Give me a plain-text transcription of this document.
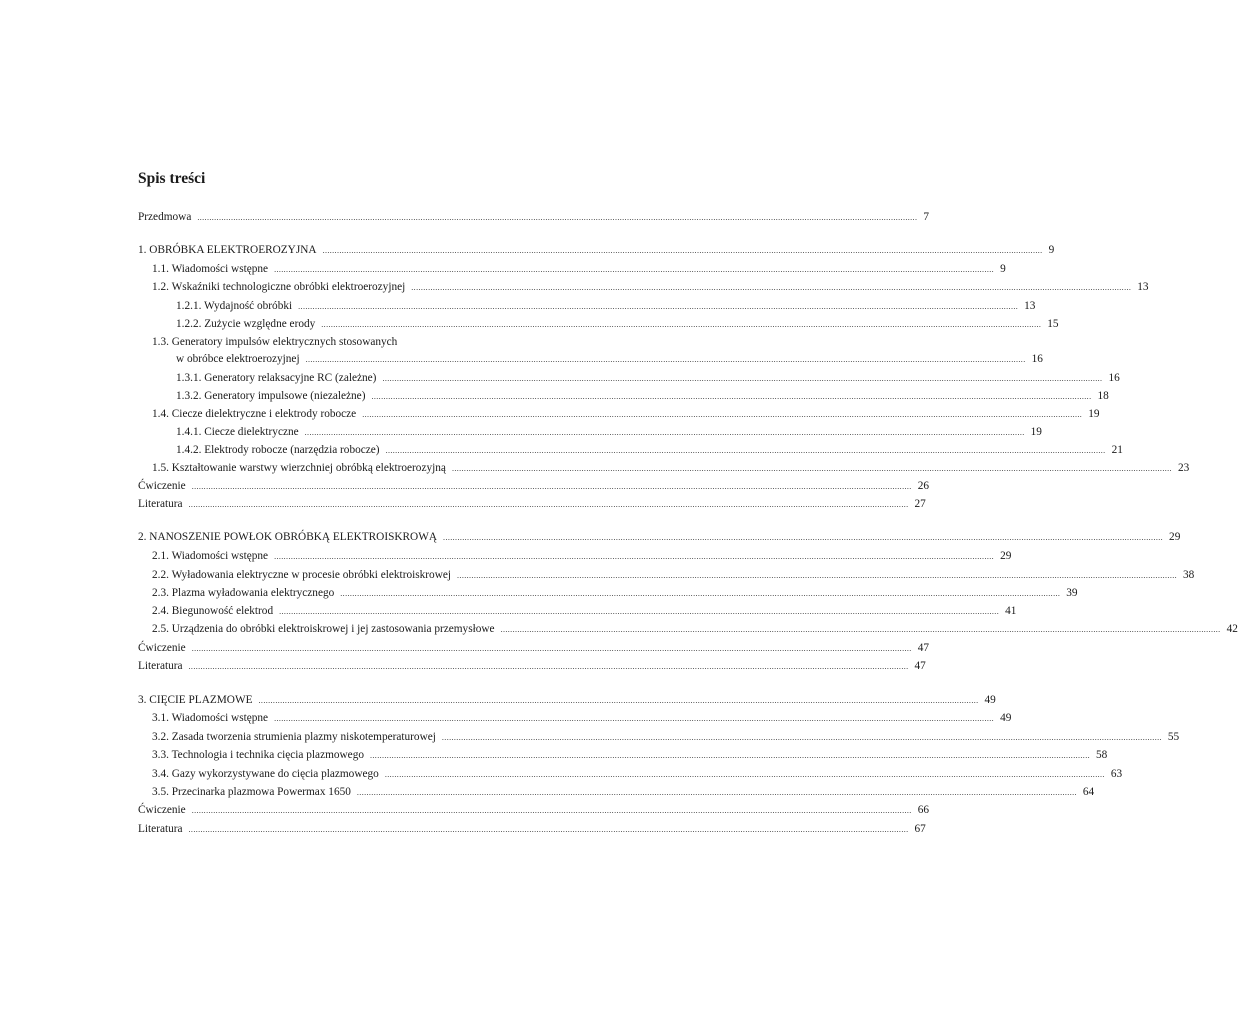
Spis treści
Przedmowa ............................................................................................................................................................................................................................................................................................................ 7
1. OBRÓBKA ELEKTROEROZYJNA ............................................................................................................................................................................................................................................................................................................ 9
1.1. Wiadomości wstępne ............................................................................................................................................................................................................................................................................................................ 9
1.2. Wskaźniki technologiczne obróbki elektroerozyjnej ............................................................................................................................................................................................................................................................................................................ 13
1.2.1. Wydajność obróbki ............................................................................................................................................................................................................................................................................................................ 13
1.2.2. Zużycie względne erody ............................................................................................................................................................................................................................................................................................................ 15
1.3. Generatory impulsów elektrycznych stosowanych
w obróbce elektroerozyjnej ............................................................................................................................................................................................................................................................................................................ 16
1.3.1. Generatory relaksacyjne RC (zależne) ............................................................................................................................................................................................................................................................................................................ 16
1.3.2. Generatory impulsowe (niezależne) ............................................................................................................................................................................................................................................................................................................ 18
1.4. Ciecze dielektryczne i elektrody robocze ............................................................................................................................................................................................................................................................................................................ 19
1.4.1. Ciecze dielektryczne ............................................................................................................................................................................................................................................................................................................ 19
1.4.2. Elektrody robocze (narzędzia robocze) ............................................................................................................................................................................................................................................................................................................ 21
1.5. Kształtowanie warstwy wierzchniej obróbką elektroerozyjną ............................................................................................................................................................................................................................................................................................................ 23
Ćwiczenie ............................................................................................................................................................................................................................................................................................................ 26
Literatura ............................................................................................................................................................................................................................................................................................................ 27
2. NANOSZENIE POWŁOK OBRÓBKĄ ELEKTROISKROWĄ ............................................................................................................................................................................................................................................................................................................ 29
2.1. Wiadomości wstępne ............................................................................................................................................................................................................................................................................................................ 29
2.2. Wyładowania elektryczne w procesie obróbki elektroiskrowej ............................................................................................................................................................................................................................................................................................................ 38
2.3. Plazma wyładowania elektrycznego ............................................................................................................................................................................................................................................................................................................ 39
2.4. Biegunowość elektrod ............................................................................................................................................................................................................................................................................................................ 41
2.5. Urządzenia do obróbki elektroiskrowej i jej zastosowania przemysłowe ............................................................................................................................................................................................................................................................................................................ 42
Ćwiczenie ............................................................................................................................................................................................................................................................................................................ 47
Literatura ............................................................................................................................................................................................................................................................................................................ 47
3. CIĘCIE PLAZMOWE ............................................................................................................................................................................................................................................................................................................ 49
3.1. Wiadomości wstępne ............................................................................................................................................................................................................................................................................................................ 49
3.2. Zasada tworzenia strumienia plazmy niskotemperaturowej ............................................................................................................................................................................................................................................................................................................ 55
3.3. Technologia i technika cięcia plazmowego ............................................................................................................................................................................................................................................................................................................ 58
3.4. Gazy wykorzystywane do cięcia plazmowego ............................................................................................................................................................................................................................................................................................................ 63
3.5. Przecinarka plazmowa Powermax 1650 ............................................................................................................................................................................................................................................................................................................ 64
Ćwiczenie ............................................................................................................................................................................................................................................................................................................ 66
Literatura ............................................................................................................................................................................................................................................................................................................ 67
